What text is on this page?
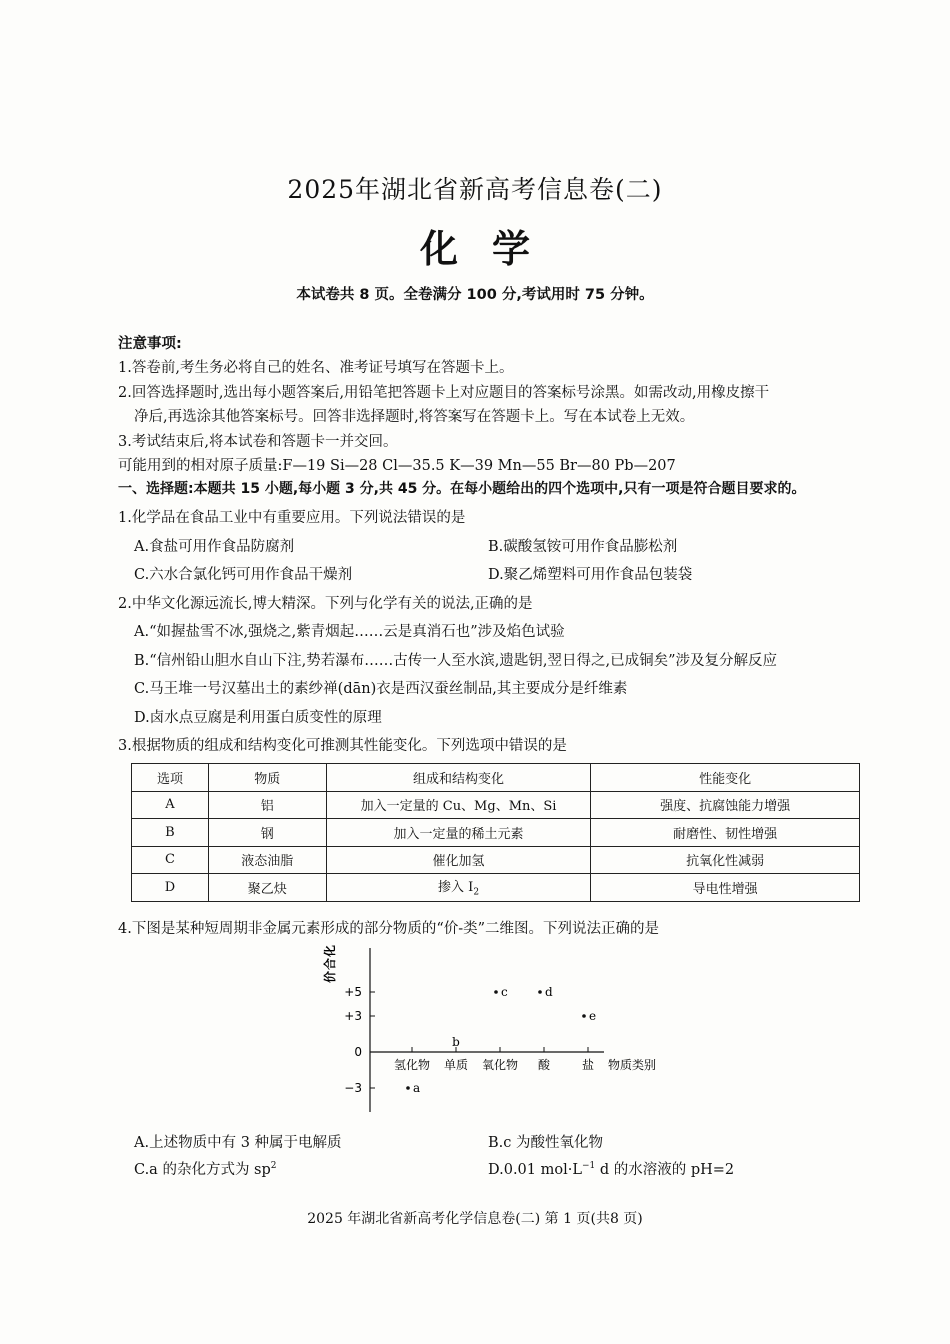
2025年湖北省新高考信息卷(二)
化学
本试卷共 8 页。全卷满分 100 分,考试用时 75 分钟。
注意事项:
1.答卷前,考生务必将自己的姓名、准考证号填写在答题卡上。
2.回答选择题时,选出每小题答案后,用铅笔把答题卡上对应题目的答案标号涂黑。如需改动,用橡皮擦干
净后,再选涂其他答案标号。回答非选择题时,将答案写在答题卡上。写在本试卷上无效。
3.考试结束后,将本试卷和答题卡一并交回。
可能用到的相对原子质量:F—19 Si—28 Cl—35.5 K—39 Mn—55 Br—80 Pb—207
一、选择题:本题共 15 小题,每小题 3 分,共 45 分。在每小题给出的四个选项中,只有一项是符合题目要求的。
1.化学品在食品工业中有重要应用。下列说法错误的是
A.食盐可用作食品防腐剂	B.碳酸氢铵可用作食品膨松剂
C.六水合氯化钙可用作食品干燥剂	D.聚乙烯塑料可用作食品包装袋
2.中华文化源远流长,博大精深。下列与化学有关的说法,正确的是
A.“如握盐雪不冰,强烧之,紫青烟起……云是真消石也”涉及焰色试验
B.“信州铅山胆水自山下注,势若瀑布……古传一人至水滨,遗匙钥,翌日得之,已成铜矣”涉及复分解反应
C.马王堆一号汉墓出土的素纱禅(dān)衣是西汉蚕丝制品,其主要成分是纤维素
D.卤水点豆腐是利用蛋白质变性的原理
3.根据物质的组成和结构变化可推测其性能变化。下列选项中错误的是
选项	物质	组成和结构变化	性能变化
A	铝	加入一定量的 Cu、Mg、Mn、Si	强度、抗腐蚀能力增强
B	钢	加入一定量的稀土元素	耐磨性、韧性增强
C	液态油脂	催化加氢	抗氧化性减弱
D	聚乙炔	掺入 $I_2$	导电性增强
4.下图是某种短周期非金属元素形成的部分物质的“价-类”二维图。下列说法正确的是
化
合
价
+5
+3
0
−3
氢化物 单质 氧化物 酸	盐 物质类别
a
b
c	d
e
A.上述物质中有 3 种属于电解质	B.c 为酸性氧化物
C.a 的杂化方式为 $sp^2$	D.0.01 $mol\cdot L^{-1}$ d 的水溶液的 pH=2
2025 年湖北省新高考化学信息卷(二) 第 1 页(共8 页)
